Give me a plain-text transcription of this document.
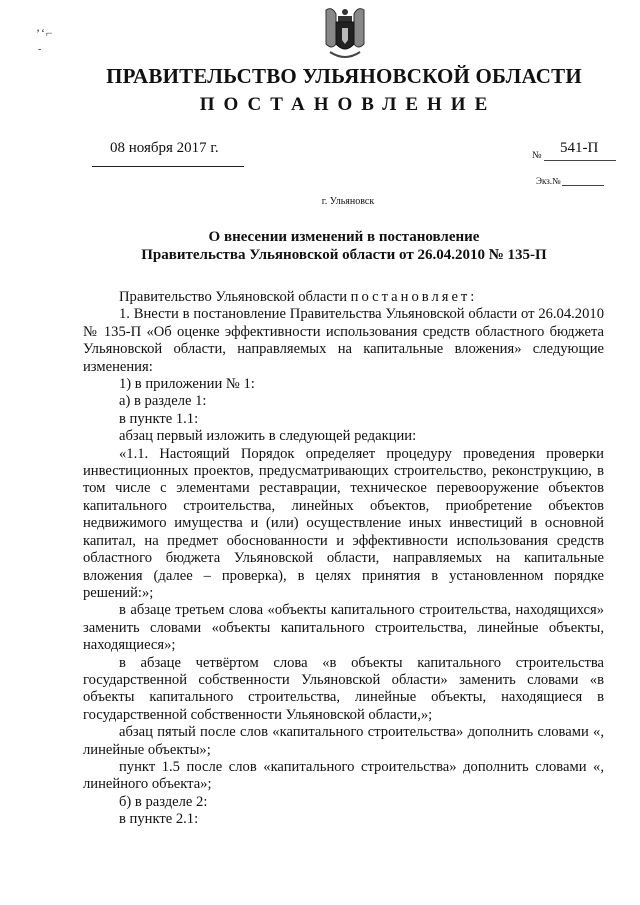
’‘⌐
-
ПРАВИТЕЛЬСТВО УЛЬЯНОВСКОЙ ОБЛАСТИ
ПОСТАНОВЛЕНИЕ
08 ноября 2017 г.	№ 541-П
Экз.№
г. Ульяновск
О внесении изменений в постановление
Правительства Ульяновской области от 26.04.2010 № 135-П

Правительство Ульяновской области постановляет:

1. Внести в постановление Правительства Ульяновской области от 26.04.2010 № 135-П «Об оценке эффективности использования средств областного бюджета Ульяновской области, направляемых на капитальные вложения» следующие изменения:

1) в приложении № 1:

а) в разделе 1:

в пункте 1.1:

абзац первый изложить в следующей редакции:

«1.1. Настоящий Порядок определяет процедуру проведения проверки инвестиционных проектов, предусматривающих строительство, реконструкцию, в том числе с элементами реставрации, техническое перевооружение объектов капитального строительства, линейных объектов, приобретение объектов недвижимого имущества и (или) осуществление иных инвестиций в основной капитал, на предмет обоснованности и эффективности использования средств областного бюджета Ульяновской области, направляемых на капитальные вложения (далее – проверка), в целях принятия в установленном порядке решений:»;

в абзаце третьем слова «объекты капитального строительства, находящихся» заменить словами «объекты капитального строительства, линейные объекты, находящиеся»;

в абзаце четвёртом слова «в объекты капитального строительства государственной собственности Ульяновской области» заменить словами «в объекты капитального строительства, линейные объекты, находящиеся в государственной собственности Ульяновской области,»;

абзац пятый после слов «капитального строительства» дополнить словами «, линейные объекты»;

пункт 1.5 после слов «капитального строительства» дополнить словами «, линейного объекта»;

б) в разделе 2:

в пункте 2.1:
